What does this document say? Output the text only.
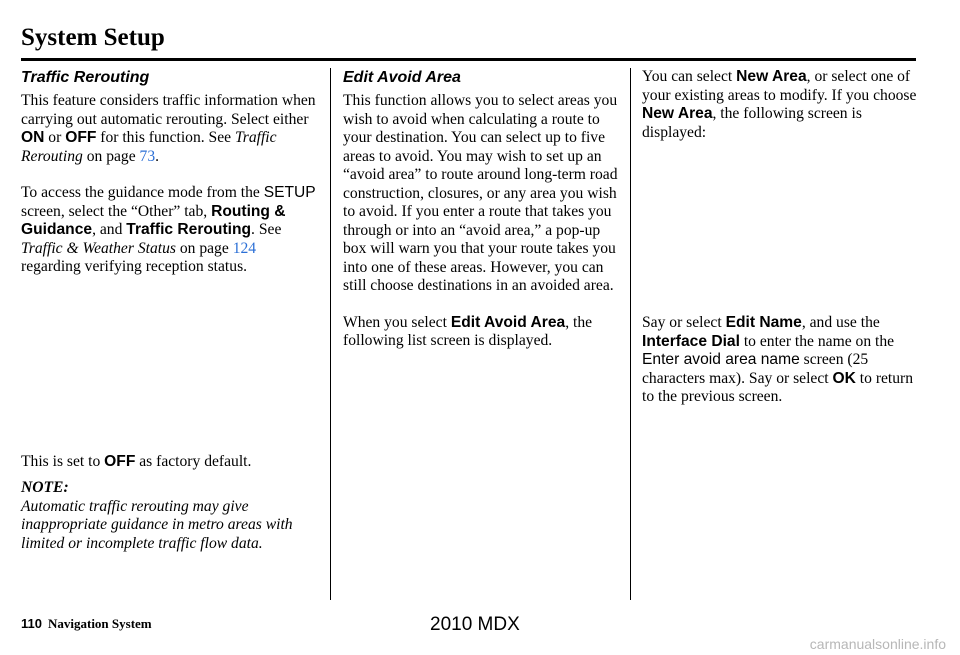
System Setup
Traffic Rerouting

This feature considers traffic information when carrying out automatic rerouting. Select either ON or OFF for this function. See Traffic Rerouting on page 73.

To access the guidance mode from the SETUP screen, select the “Other” tab, Routing & Guidance, and Traffic Rerouting. See Traffic & Weather Status on page 124 regarding verifying reception status.

This is set to OFF as factory default.

NOTE:

Automatic traffic rerouting may give inappropriate guidance in metro areas with limited or incomplete traffic flow data.

Edit Avoid Area

This function allows you to select areas you wish to avoid when calculating a route to your destination. You can select up to five areas to avoid. You may wish to set up an “avoid area” to route around long-term road construction, closures, or any area you wish to avoid. If you enter a route that takes you through or into an “avoid area,” a pop-up box will warn you that your route takes you into one of these areas. However, you can still choose destinations in an avoided area.

When you select Edit Avoid Area, the following list screen is displayed.

You can select New Area, or select one of your existing areas to modify. If you choose New Area, the following screen is displayed:

Say or select Edit Name, and use the Interface Dial to enter the name on the Enter avoid area name screen (25 characters max). Say or select OK to return to the previous screen.

110 Navigation System	2010 MDX
carmanualsonline.info
